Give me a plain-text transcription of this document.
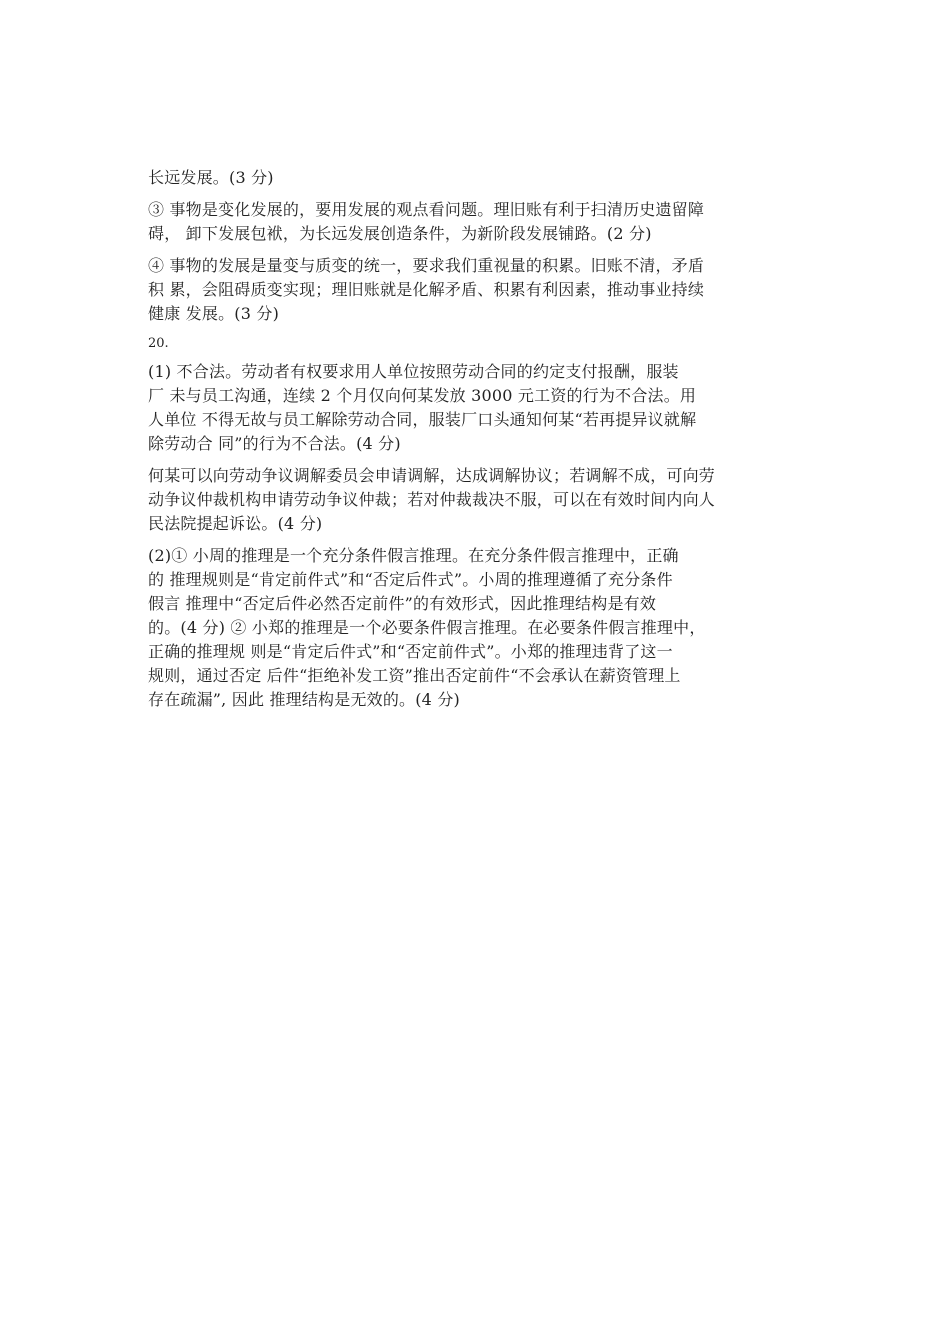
长远发展。(3 分)
③ 事物是变化发展的，要用发展的观点看问题。理旧账有利于扫清历史遗留障
碍， 卸下发展包袱，为长远发展创造条件，为新阶段发展铺路。(2 分)
④ 事物的发展是量变与质变的统一，要求我们重视量的积累。旧账不清，矛盾
积 累，会阻碍质变实现；理旧账就是化解矛盾、积累有利因素，推动事业持续
健康 发展。(3 分)
20.
(1) 不合法。劳动者有权要求用人单位按照劳动合同的约定支付报酬，服装
厂 未与员工沟通，连续 2 个月仅向何某发放 3000 元工资的行为不合法。用
人单位 不得无故与员工解除劳动合同，服装厂口头通知何某“若再提异议就解
除劳动合 同”的行为不合法。(4 分)
何某可以向劳动争议调解委员会申请调解，达成调解协议；若调解不成，可向劳
动争议仲裁机构申请劳动争议仲裁；若对仲裁裁决不服，可以在有效时间内向人
民法院提起诉讼。(4 分)
(2)① 小周的推理是一个充分条件假言推理。在充分条件假言推理中，正确
的 推理规则是“肯定前件式”和“否定后件式”。小周的推理遵循了充分条件
假言 推理中“否定后件必然否定前件”的有效形式，因此推理结构是有效
的。(4 分) ② 小郑的推理是一个必要条件假言推理。在必要条件假言推理中，
正确的推理规 则是“肯定后件式”和“否定前件式”。小郑的推理违背了这一
规则，通过否定 后件“拒绝补发工资”推出否定前件“不会承认在薪资管理上
存在疏漏”, 因此 推理结构是无效的。(4 分)
